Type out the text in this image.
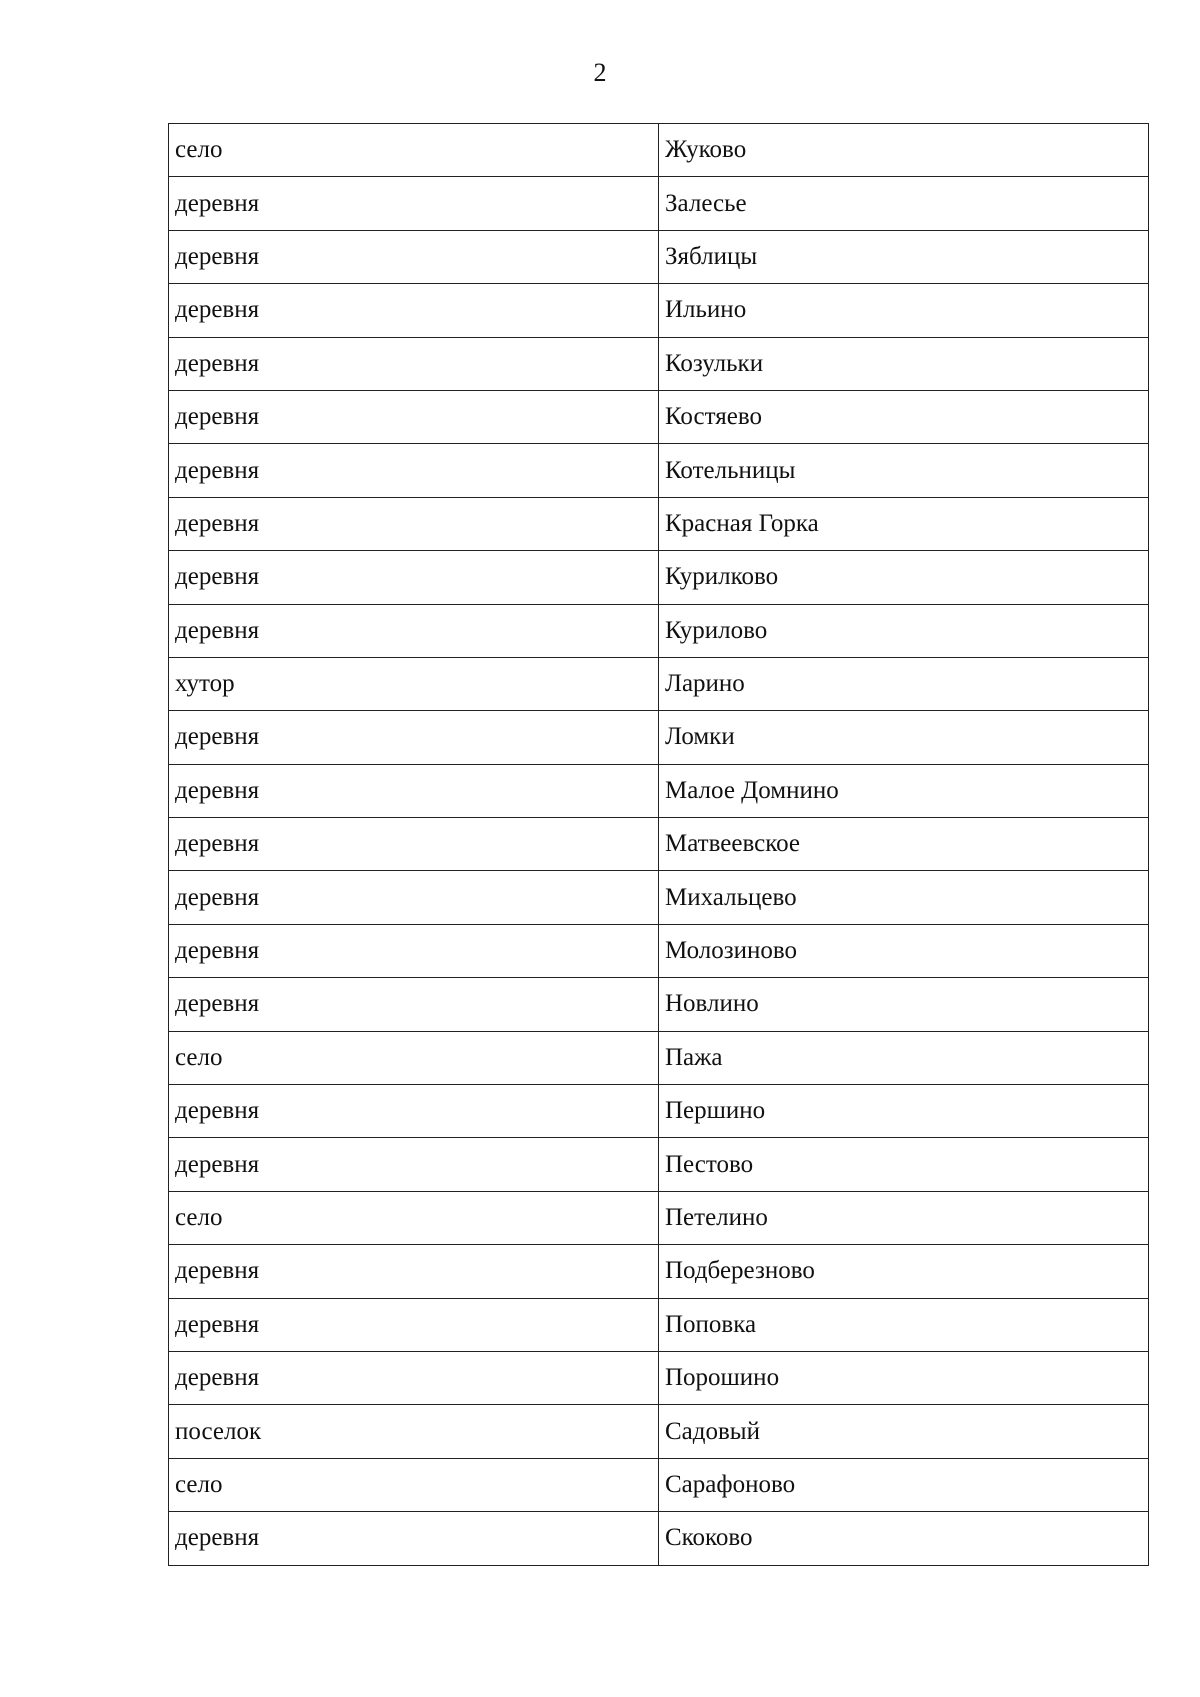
2
село	Жуково
деревня	Залесье
деревня	Зяблицы
деревня	Ильино
деревня	Козульки
деревня	Костяево
деревня	Котельницы
деревня	Красная Горка
деревня	Курилково
деревня	Курилово
хутор	Ларино
деревня	Ломки
деревня	Малое Домнино
деревня	Матвеевское
деревня	Михальцево
деревня	Молозиново
деревня	Новлино
село	Пажа
деревня	Першино
деревня	Пестово
село	Петелино
деревня	Подберезново
деревня	Поповка
деревня	Порошино
поселок	Садовый
село	Сарафоново
деревня	Скоково
